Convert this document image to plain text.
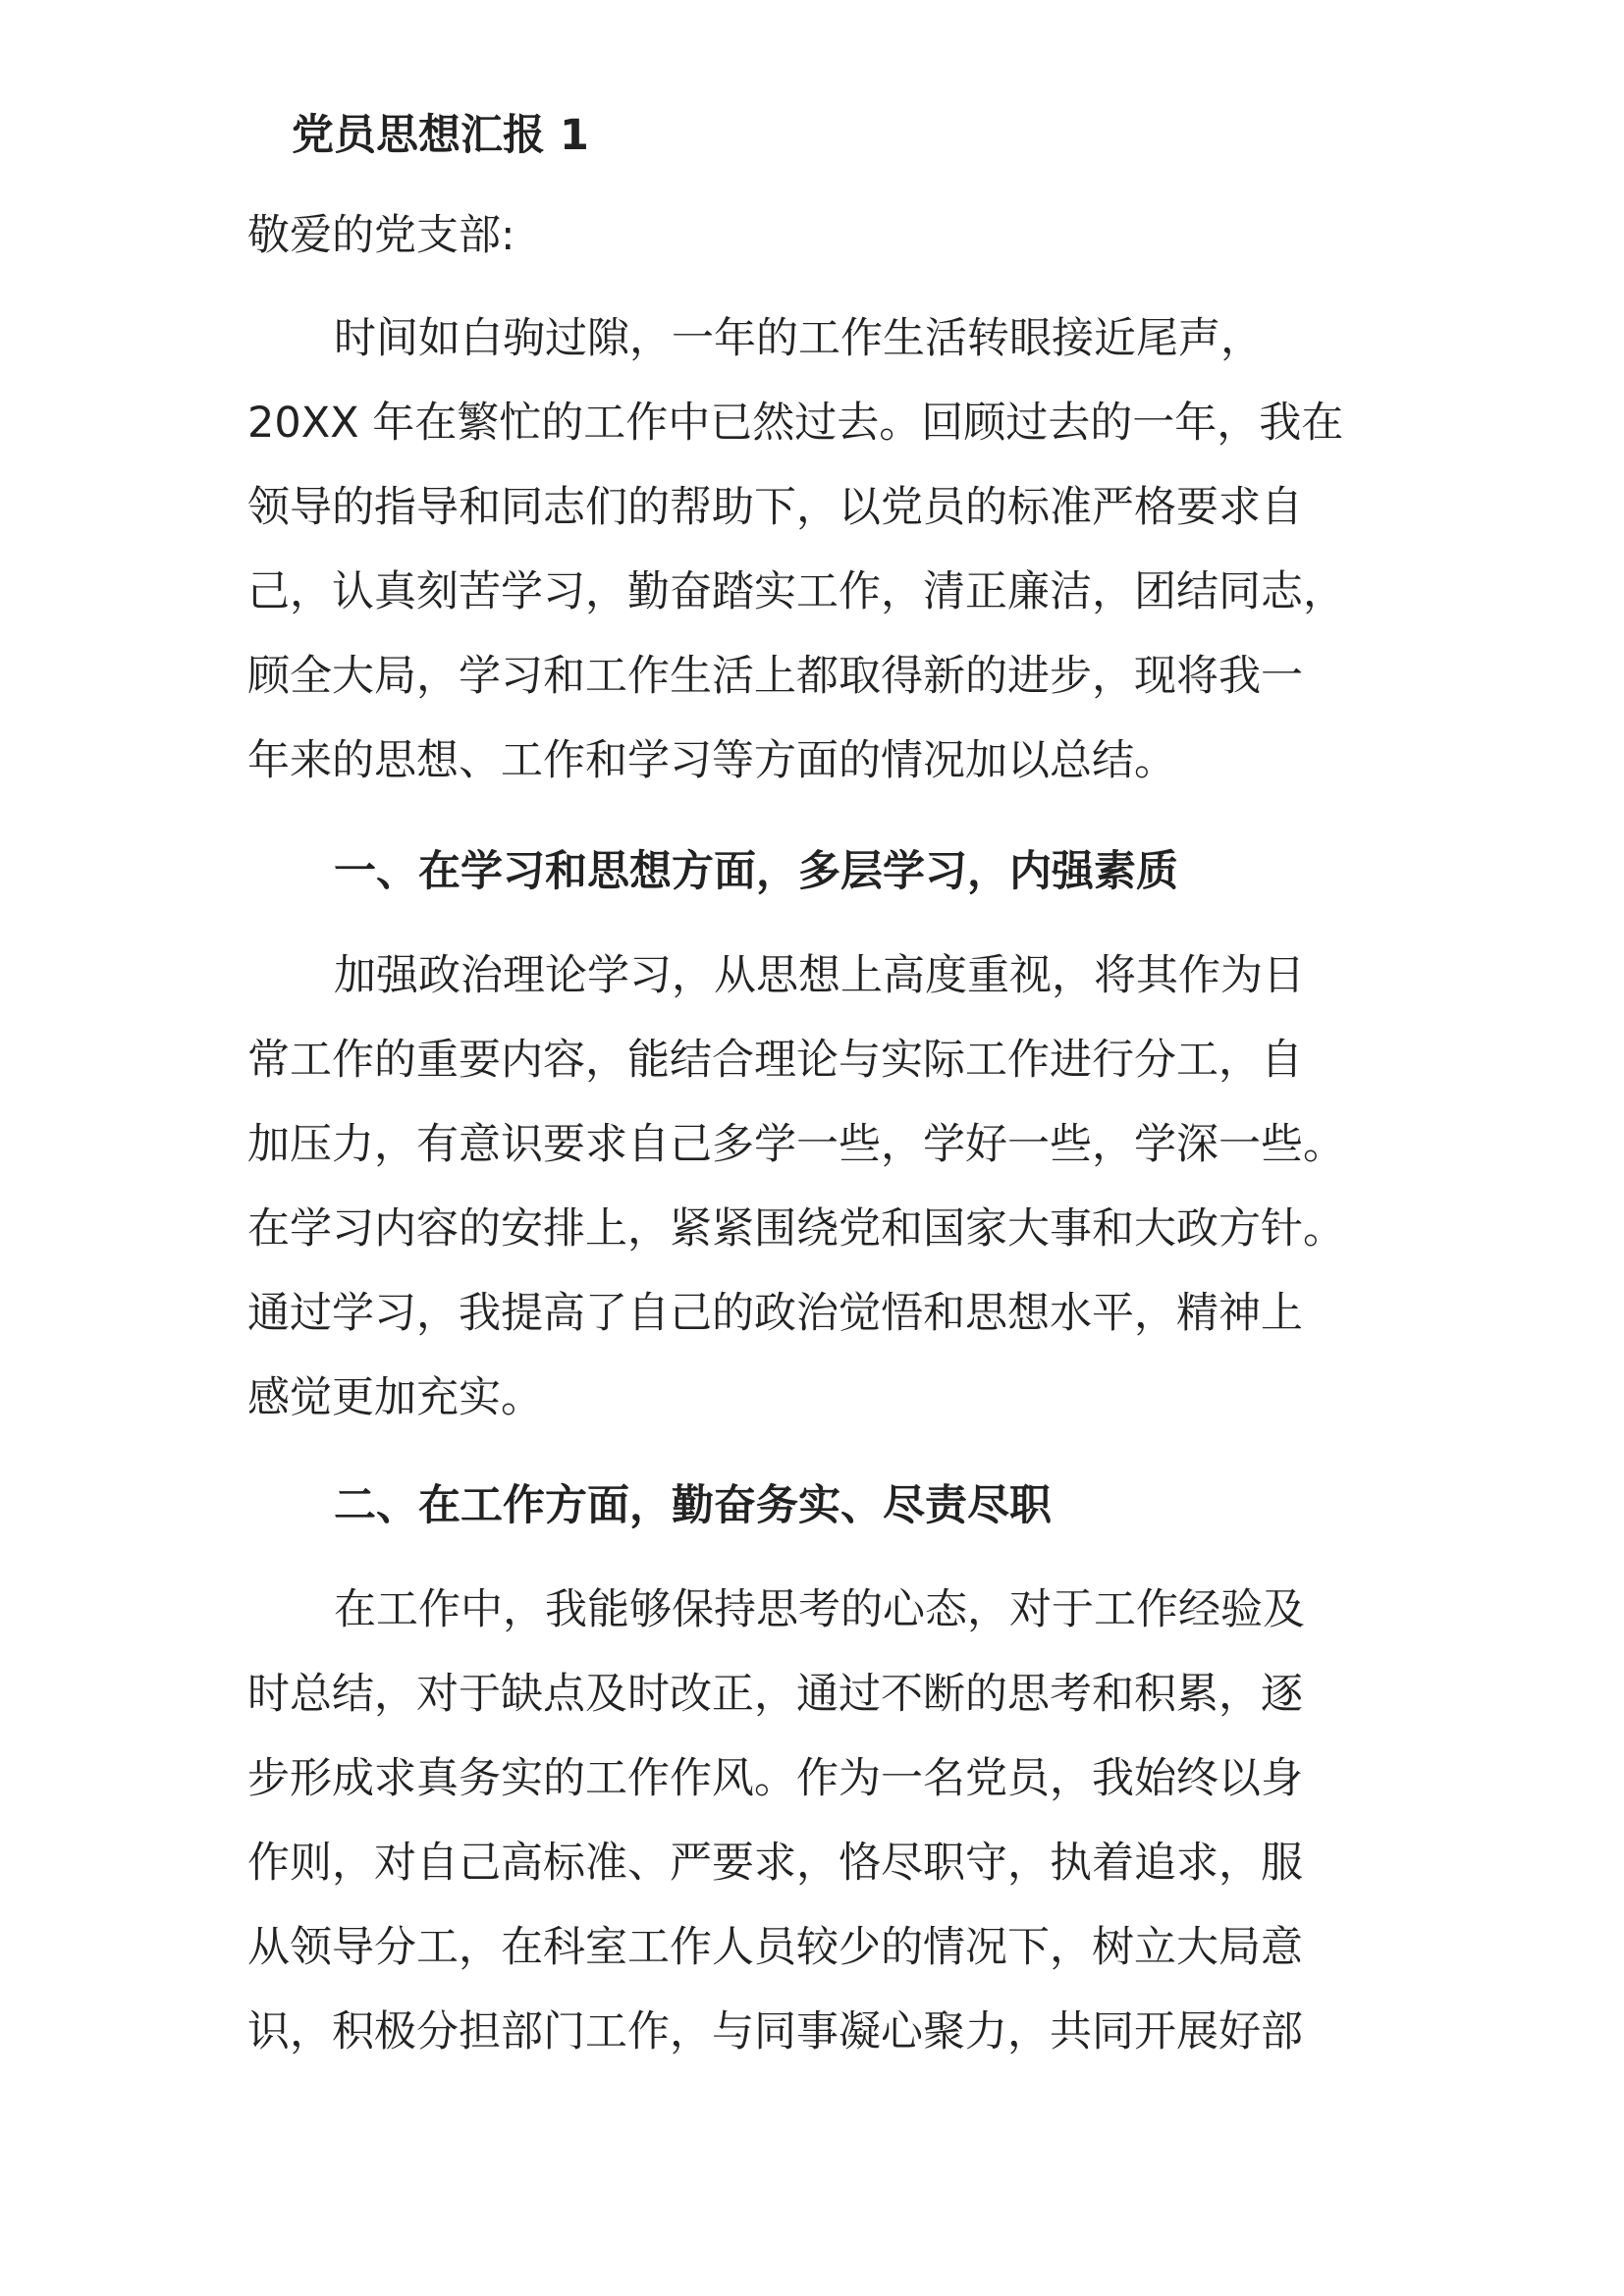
党员思想汇报 1

敬爱的党支部:

时间如白驹过隙，一年的工作生活转眼接近尾声，
20XX 年在繁忙的工作中已然过去。回顾过去的一年，我在
领导的指导和同志们的帮助下，以党员的标准严格要求自
己，认真刻苦学习，勤奋踏实工作，清正廉洁，团结同志，
顾全大局，学习和工作生活上都取得新的进步，现将我一
年来的思想、工作和学习等方面的情况加以总结。
一、在学习和思想方面，多层学习，内强素质
加强政治理论学习，从思想上高度重视，将其作为日
常工作的重要内容，能结合理论与实际工作进行分工，自
加压力，有意识要求自己多学一些，学好一些，学深一些。
在学习内容的安排上，紧紧围绕党和国家大事和大政方针。
通过学习，我提高了自己的政治觉悟和思想水平，精神上
感觉更加充实。
二、在工作方面，勤奋务实、尽责尽职
在工作中，我能够保持思考的心态，对于工作经验及
时总结，对于缺点及时改正，通过不断的思考和积累，逐
步形成求真务实的工作作风。作为一名党员，我始终以身
作则，对自己高标准、严要求，恪尽职守，执着追求，服
从领导分工，在科室工作人员较少的情况下，树立大局意
识，积极分担部门工作，与同事凝心聚力，共同开展好部
